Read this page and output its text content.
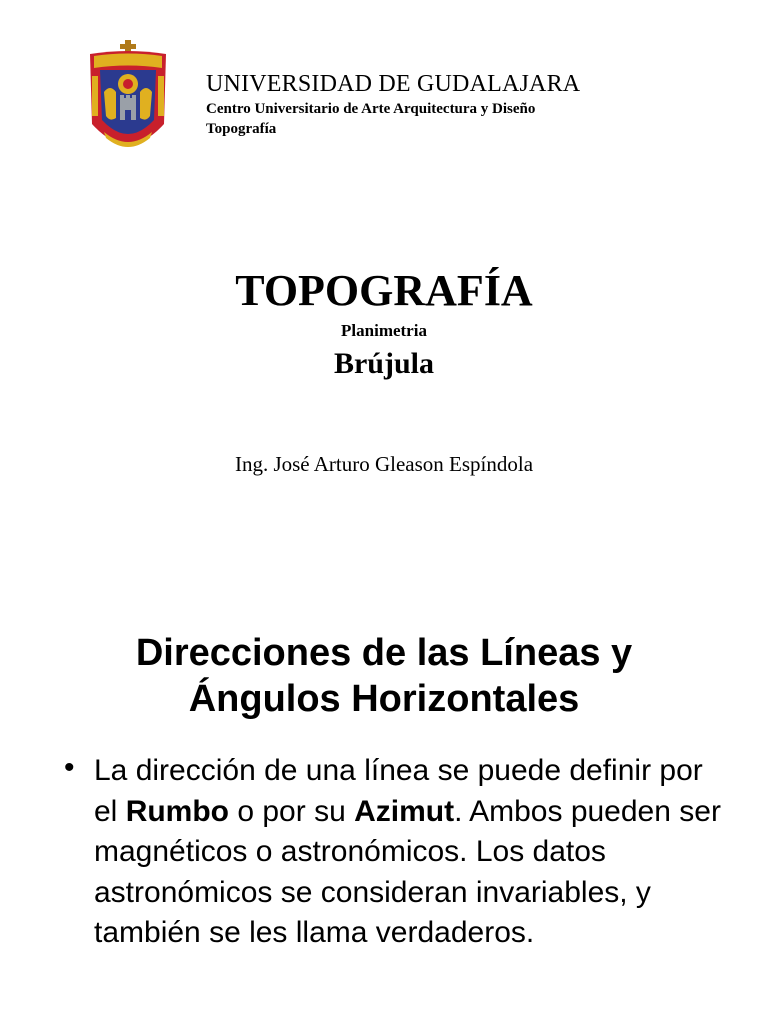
UNIVERSIDAD DE GUDALAJARA
Centro Universitario de Arte Arquitectura y Diseño
Topografía
TOPOGRAFÍA
Planimetria
Brújula
Ing. José Arturo Gleason Espíndola
Direcciones de las Líneas y
Ángulos Horizontales
• La dirección de una línea se puede definir por el Rumbo o por su Azimut. Ambos pueden ser magnéticos o astronómicos. Los datos astronómicos se consideran invariables, y también se les llama verdaderos.
